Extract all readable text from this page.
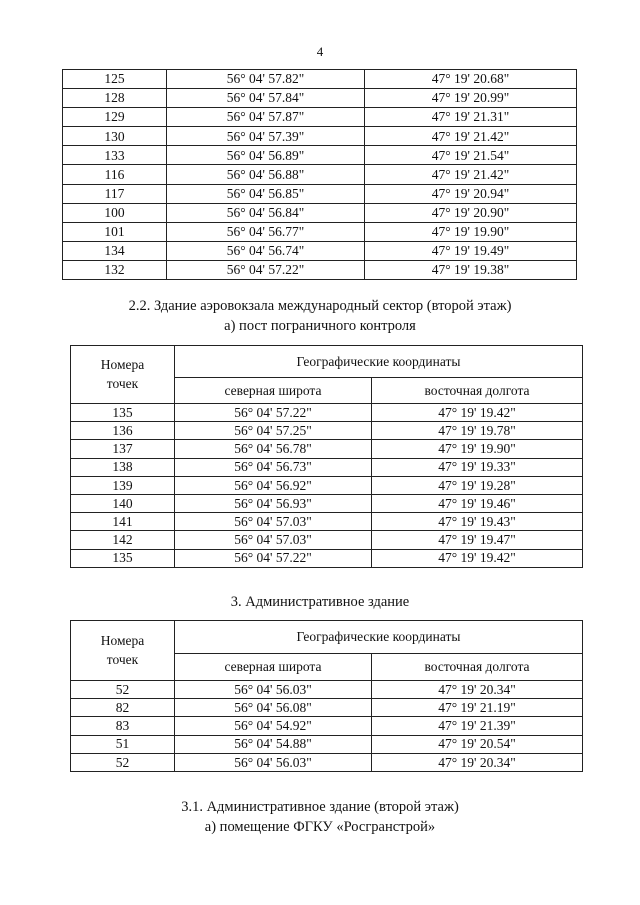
4
125	56° 04' 57.82"	47° 19' 20.68"
128	56° 04' 57.84"	47° 19' 20.99"
129	56° 04' 57.87"	47° 19' 21.31"
130	56° 04' 57.39"	47° 19' 21.42"
133	56° 04' 56.89"	47° 19' 21.54"
116	56° 04' 56.88"	47° 19' 21.42"
117	56° 04' 56.85"	47° 19' 20.94"
100	56° 04' 56.84"	47° 19' 20.90"
101	56° 04' 56.77"	47° 19' 19.90"
134	56° 04' 56.74"	47° 19' 19.49"
132	56° 04' 57.22"	47° 19' 19.38"
2.2. Здание аэровокзала международный сектор (второй этаж)
а) пост пограничного контроля
Номера
точек	Географические координаты	
	северная широта	восточная долгота
135	56° 04' 57.22"	47° 19' 19.42"
136	56° 04' 57.25"	47° 19' 19.78"
137	56° 04' 56.78"	47° 19' 19.90"
138	56° 04' 56.73"	47° 19' 19.33"
139	56° 04' 56.92"	47° 19' 19.28"
140	56° 04' 56.93"	47° 19' 19.46"
141	56° 04' 57.03"	47° 19' 19.43"
142	56° 04' 57.03"	47° 19' 19.47"
135	56° 04' 57.22"	47° 19' 19.42"
3. Административное здание
Номера
точек	Географические координаты	
	северная широта	восточная долгота
52	56° 04' 56.03"	47° 19' 20.34"
82	56° 04' 56.08"	47° 19' 21.19"
83	56° 04' 54.92"	47° 19' 21.39"
51	56° 04' 54.88"	47° 19' 20.54"
52	56° 04' 56.03"	47° 19' 20.34"
3.1. Административное здание (второй этаж)
а) помещение ФГКУ «Росгранстрой»
